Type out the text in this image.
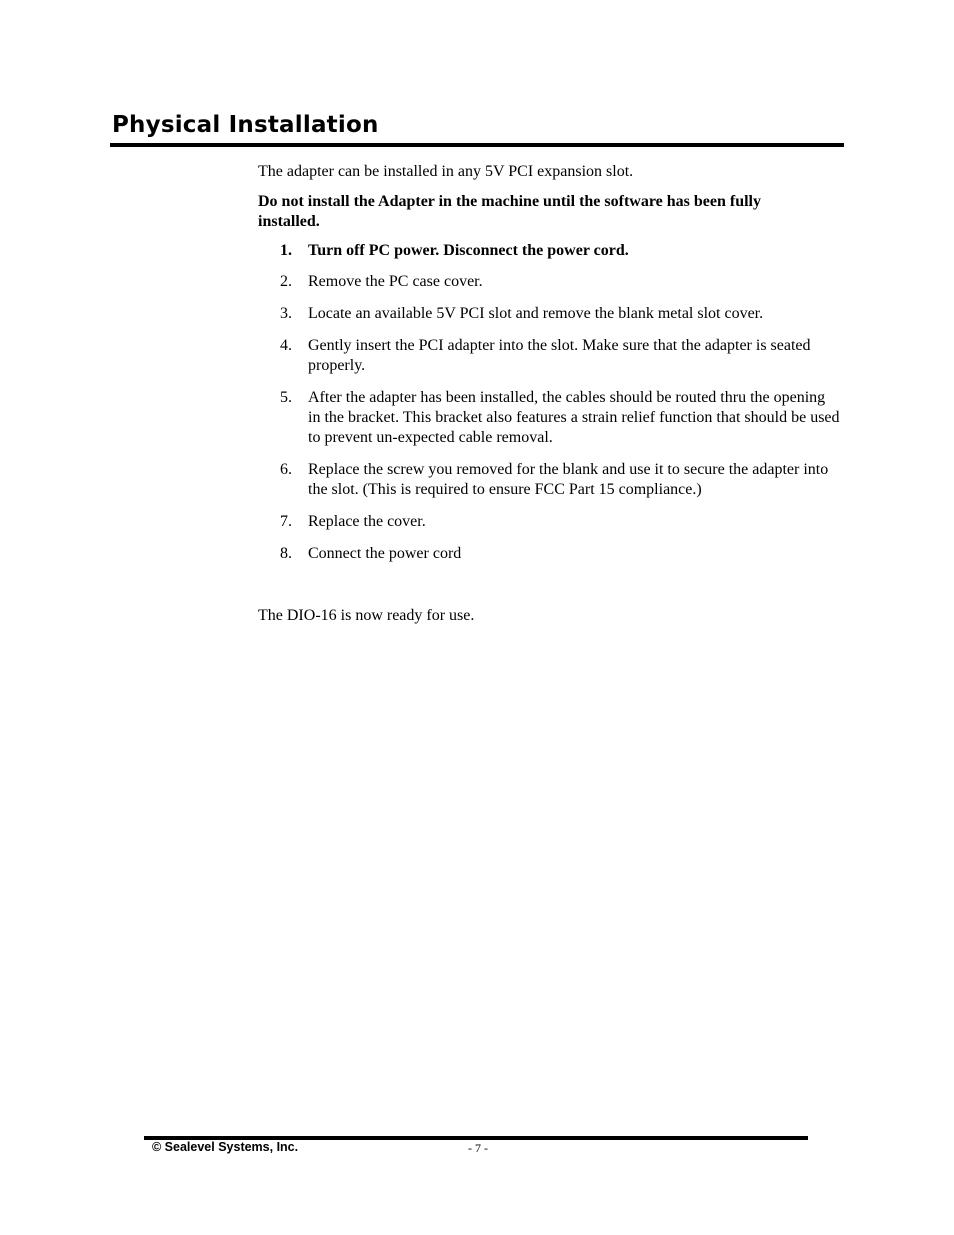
Physical Installation

The adapter can be installed in any 5V PCI expansion slot.

Do not install the Adapter in the machine until the software has been fully installed.

1. Turn off PC power. Disconnect the power cord.
2. Remove the PC case cover.
3. Locate an available 5V PCI slot and remove the blank metal slot cover.
4. Gently insert the PCI adapter into the slot. Make sure that the adapter is seated properly.
5. After the adapter has been installed, the cables should be routed thru the opening in the bracket. This bracket also features a strain relief function that should be used to prevent un-expected cable removal.
6. Replace the screw you removed for the blank and use it to secure the adapter into the slot. (This is required to ensure FCC Part 15 compliance.)
7. Replace the cover.
8. Connect the power cord

The DIO-16 is now ready for use.

© Sealevel Systems, Inc.	- 7 -
